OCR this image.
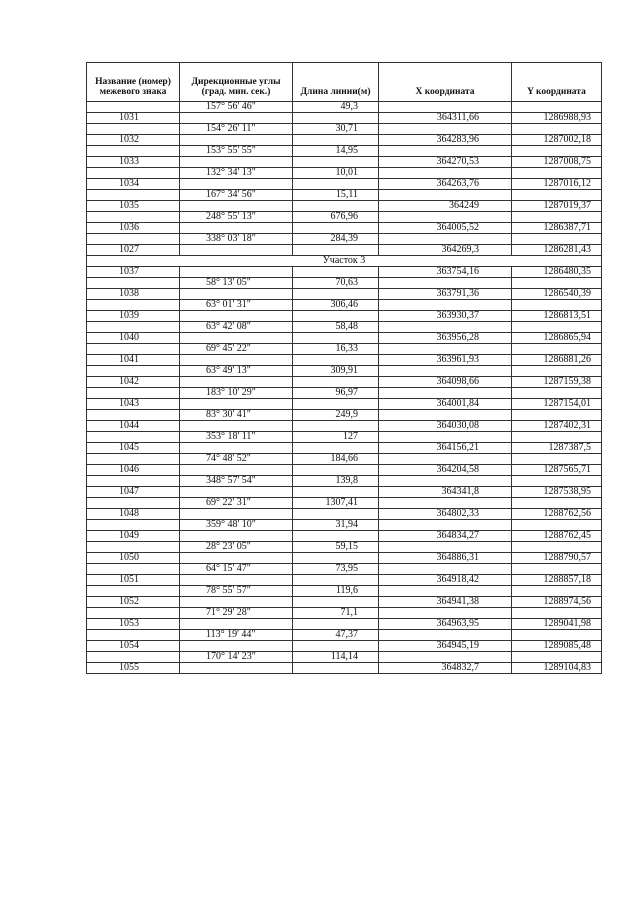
Название (номер) межевого знака	Дирекционные углы (град. мин. сек.)	Длина линии(м)	X координата	Y координата
	157° 56' 46"	49,3		
1031			364311,66	1286988,93
	154° 26' 11"	30,71		
1032			364283,96	1287002,18
	153° 55' 55"	14,95		
1033			364270,53	1287008,75
	132° 34' 13"	10,01		
1034			364263,76	1287016,12
	167° 34' 56"	15,11		
1035			364249	1287019,37
	248° 55' 13"	676,96		
1036			364005,52	1286387,71
	338° 03' 18"	284,39		
1027			364269,3	1286281,43
Участок 3				
1037			363754,16	1286480,35
	58° 13' 05"	70,63		
1038			363791,36	1286540,39
	63° 01' 31"	306,46		
1039			363930,37	1286813,51
	63° 42' 08"	58,48		
1040			363956,28	1286865,94
	69° 45' 22"	16,33		
1041			363961,93	1286881,26
	63° 49' 13"	309,91		
1042			364098,66	1287159,38
	183° 10' 29"	96,97		
1043			364001,84	1287154,01
	83° 30' 41"	249,9		
1044			364030,08	1287402,31
	353° 18' 11"	127		
1045			364156,21	1287387,5
	74° 48' 52"	184,66		
1046			364204,58	1287565,71
	348° 57' 54"	139,8		
1047			364341,8	1287538,95
	69° 22' 31"	1307,41		
1048			364802,33	1288762,56
	359° 48' 10"	31,94		
1049			364834,27	1288762,45
	28° 23' 05"	59,15		
1050			364886,31	1288790,57
	64° 15' 47"	73,95		
1051			364918,42	1288857,18
	78° 55' 57"	119,6		
1052			364941,38	1288974,56
	71° 29' 28"	71,1		
1053			364963,95	1289041,98
	113° 19' 44"	47,37		
1054			364945,19	1289085,48
	170° 14' 23"	114,14		
1055			364832,7	1289104,83
